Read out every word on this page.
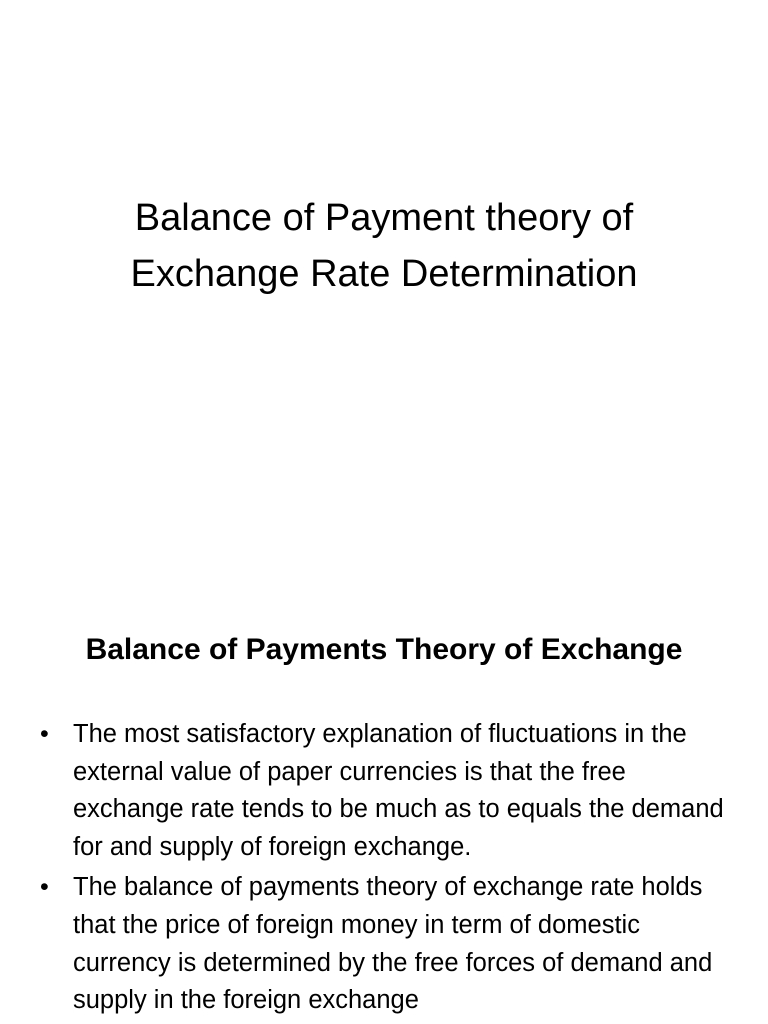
Balance of Payment theory of
Exchange Rate Determination
Balance of Payments Theory of Exchange
• The most satisfactory explanation of fluctuations in the external value of paper currencies is that the free exchange rate tends to be much as to equals the demand for and supply of foreign exchange.
• The balance of payments theory of exchange rate holds that the price of foreign money in term of domestic currency is determined by the free forces of demand and supply in the foreign exchange
